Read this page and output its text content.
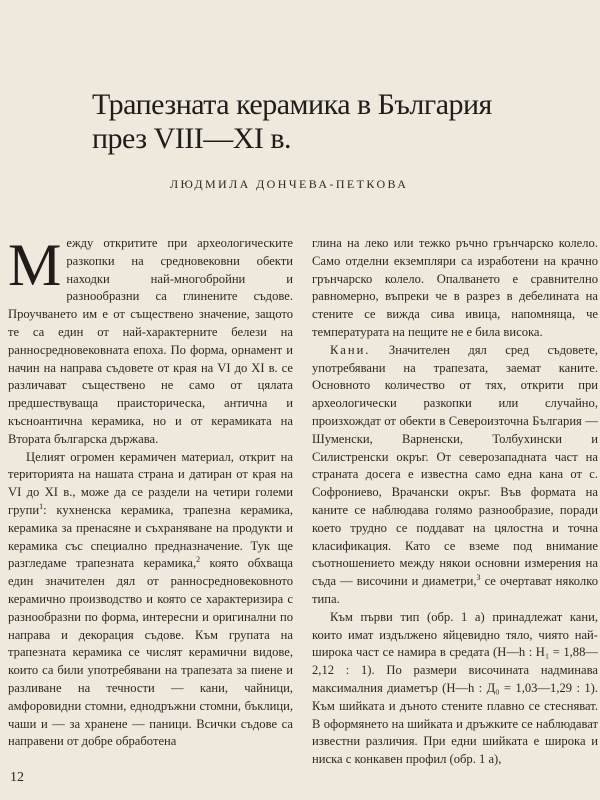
Трапезната керамика в България
през VIII—XI в.
ЛЮДМИЛА ДОНЧЕВА-ПЕТКОВА

Между откритите при археологическите разкопки на средновековни обекти находки най-многобройни и разнообразни са глинените съдове. Проучването им е от съществено значение, защото те са един от най-характерните белези на ранносредновековната епоха. По форма, орнамент и начин на направа съдовете от края на VI до XI в. се различават съществено не само от цялата предшествуваща праисторическа, антична и къснoантична керамика, но и от керамиката на Втората българска държава.

Целият огромен керамичен материал, открит на територията на нашата страна и датиран от края на VI до XI в., може да се раздели на четири големи групи$^1$: кухненска керамика, трапезна керамика, керамика за пренасяне и съхраняване на продукти и керамика със специално предназначение. Тук ще разгледаме трапезната керамика,$^2$ която обхваща един значителен дял от ранносредновековното керамично производство и която се характеризира с разнообразни по форма, интересни и оригинални по направа и декорация съдове. Към групата на трапезната керамика се числят керамични видове, които са били употребявани на трапезата за пиене и разливане на течности — кани, чайници, амфоровидни стомни, еднодръжни стомни, бъклици, чаши и — за хранене — паници. Всички съдове са направени от добре обработена

глина на леко или тежко ръчно грънчарско колело. Само отделни екземпляри са изработени на крачно грънчарско колело. Опалването е сравнително равномерно, въпреки че в разрез в дебелината на стените се вижда сива ивица, напомняща, че температурата на пещите не е била висока.

Кани. Значителен дял сред съдовете, употребявани на трапезата, заемат каните. Основното количество от тях, открити при археологически разкопки или случайно, произхождат от обекти в Североизточна България — Шуменски, Варненски, Толбухински и Силистренски окръг. От северозападната част на страната досега е известна само една кана от с. Софрониево, Врачански окръг. Във формата на каните се наблюдава голямо разнообразие, поради което трудно се поддават на цялостна и точна класификация. Като се вземе под внимание съотношението между някои основни измерения на съда — височини и диаметри,$^3$ се очертават няколко типа.

Към първи тип (обр. 1 а) принадлежат кани, които имат издължено яйцевидно тяло, чиято най-широка част се намира в средата (H—h : H₁ = 1,88—2,12 : 1). По размери височината надминава максималния диаметър (H—h : Д₀ = 1,03—1,29 : 1). Към шийката и дъното стените плавно се стесняват. В оформянето на шийката и дръжките се наблюдават известни различия. При едни шийката е широка и ниска с конкавен профил (обр. 1 а),

12
